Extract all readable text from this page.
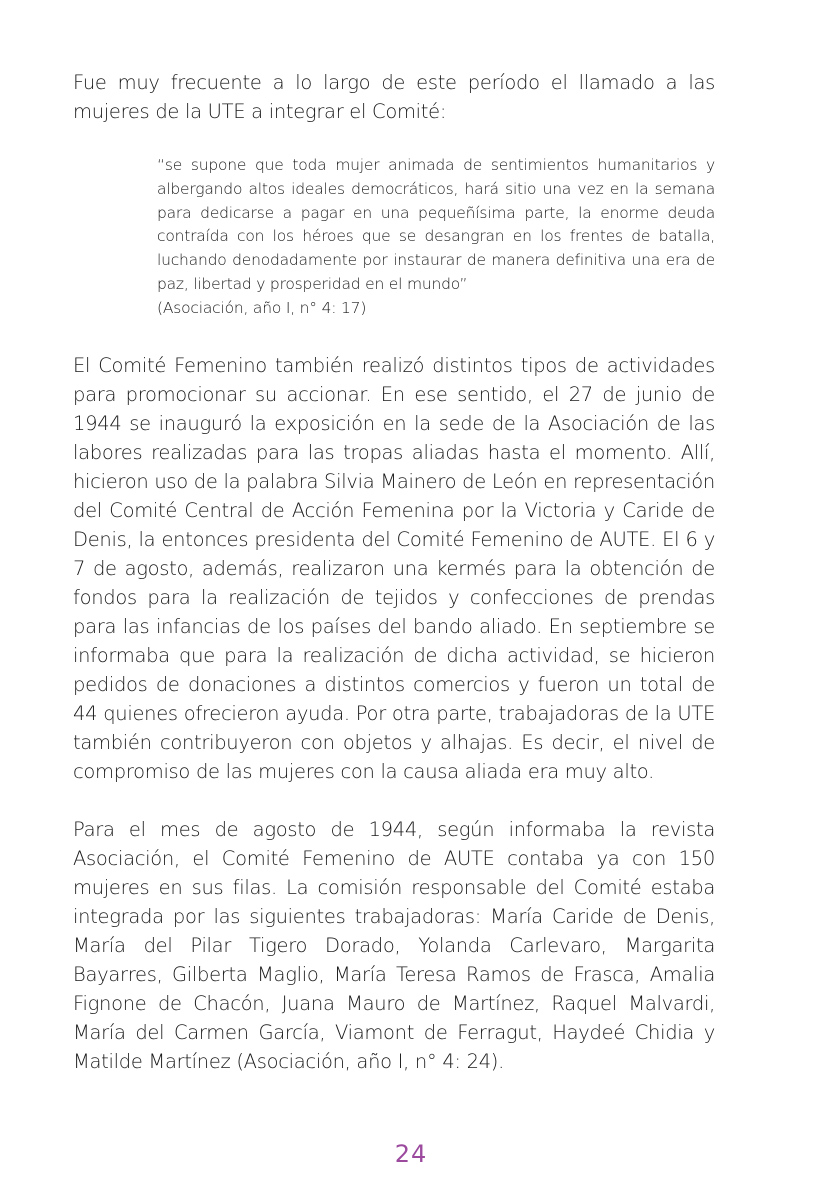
Fue muy frecuente a lo largo de este período el llamado a las mujeres de la UTE a integrar el Comité:

“se supone que toda mujer animada de sentimientos humanitarios y albergando altos ideales democráticos, hará sitio una vez en la semana para dedicarse a pagar en una pequeñísima parte, la enorme deuda contraída con los héroes que se desangran en los frentes de batalla, luchando denodadamente por instaurar de manera definitiva una era de paz, libertad y prosperidad en el mundo”
(Asociación, año I, n° 4: 17)

El Comité Femenino también realizó distintos tipos de actividades para promocionar su accionar. En ese sentido, el 27 de junio de 1944 se inauguró la exposición en la sede de la Asociación de las labores realizadas para las tropas aliadas hasta el momento. Allí, hicieron uso de la palabra Silvia Mainero de León en representación del Comité Central de Acción Femenina por la Victoria y Caride de Denis, la entonces presidenta del Comité Femenino de AUTE. El 6 y 7 de agosto, además, realizaron una kermés para la obtención de fondos para la realización de tejidos y confecciones de prendas para las infancias de los países del bando aliado. En septiembre se informaba que para la realización de dicha actividad, se hicieron pedidos de donaciones a distintos comercios y fueron un total de 44 quienes ofrecieron ayuda. Por otra parte, trabajadoras de la UTE también contribuyeron con objetos y alhajas. Es decir, el nivel de compromiso de las mujeres con la causa aliada era muy alto.

Para el mes de agosto de 1944, según informaba la revista Asociación, el Comité Femenino de AUTE contaba ya con 150 mujeres en sus filas. La comisión responsable del Comité estaba integrada por las siguientes trabajadoras: María Caride de Denis, María del Pilar Tigero Dorado, Yolanda Carlevaro, Margarita Bayarres, Gilberta Maglio, María Teresa Ramos de Frasca, Amalia Fignone de Chacón, Juana Mauro de Martínez, Raquel Malvardi, María del Carmen García, Viamont de Ferragut, Haydeé Chidia y Matilde Martínez (Asociación, año I, n° 4: 24).

24
